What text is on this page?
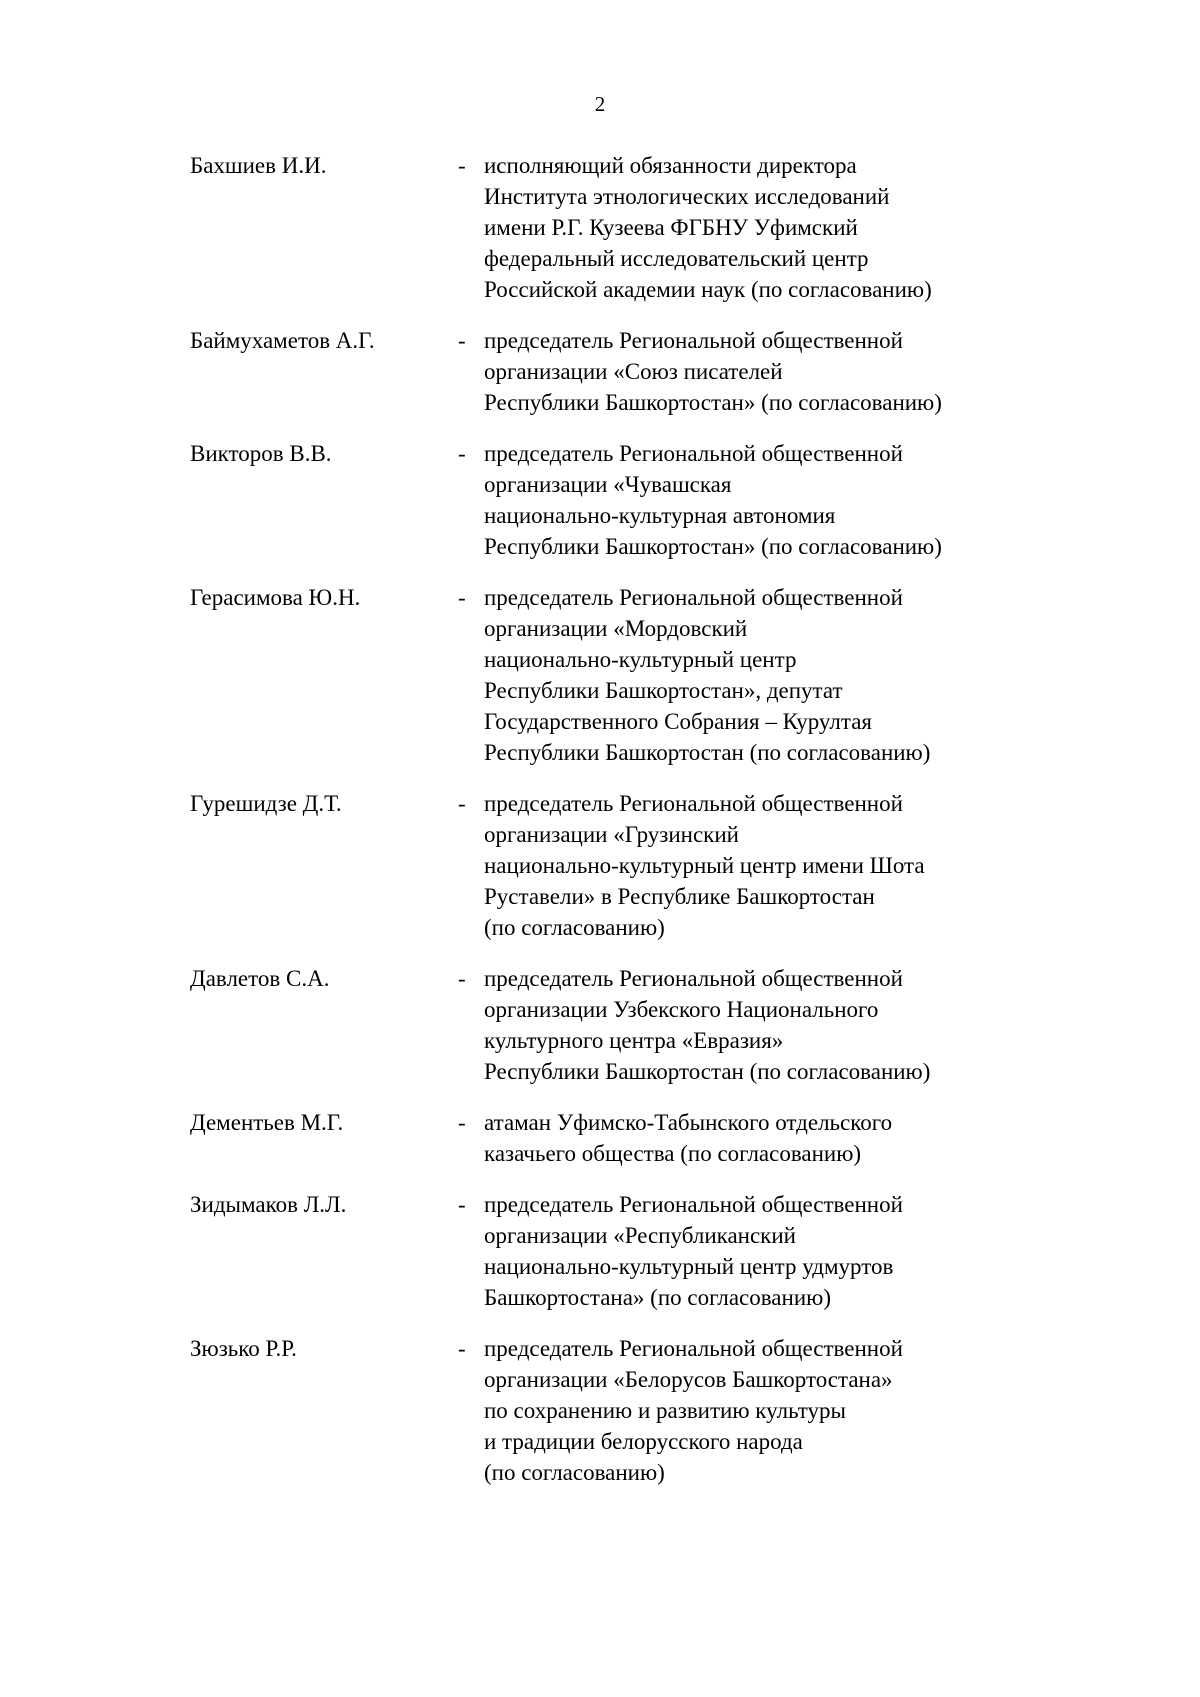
2
Бахшиев И.И.	- исполняющий обязанности директора
Института этнологических исследований
имени Р.Г. Кузеева ФГБНУ Уфимский
федеральный исследовательский центр
Российской академии наук (по согласованию)
Баймухаметов А.Г.	- председатель Региональной общественной
организации «Союз писателей
Республики Башкортостан» (по согласованию)
Викторов В.В.	- председатель Региональной общественной
организации «Чувашская
национально-культурная автономия
Республики Башкортостан» (по согласованию)
Герасимова Ю.Н.	- председатель Региональной общественной
организации «Мордовский
национально-культурный центр
Республики Башкортостан», депутат
Государственного Собрания – Курултая
Республики Башкортостан (по согласованию)
Гурешидзе Д.Т.	- председатель Региональной общественной
организации «Грузинский
национально-культурный центр имени Шота
Руставели» в Республике Башкортостан
(по согласованию)
Давлетов С.А.	- председатель Региональной общественной
организации Узбекского Национального
культурного центра «Евразия»
Республики Башкортостан (по согласованию)
Дементьев М.Г.	- атаман Уфимско-Табынского отдельского
казачьего общества (по согласованию)
Зидымаков Л.Л.	- председатель Региональной общественной
организации «Республиканский
национально-культурный центр удмуртов
Башкортостана» (по согласованию)
Зюзько Р.Р.	- председатель Региональной общественной
организации «Белорусов Башкортостана»
по сохранению и развитию культуры
и традиции белорусского народа
(по согласованию)
